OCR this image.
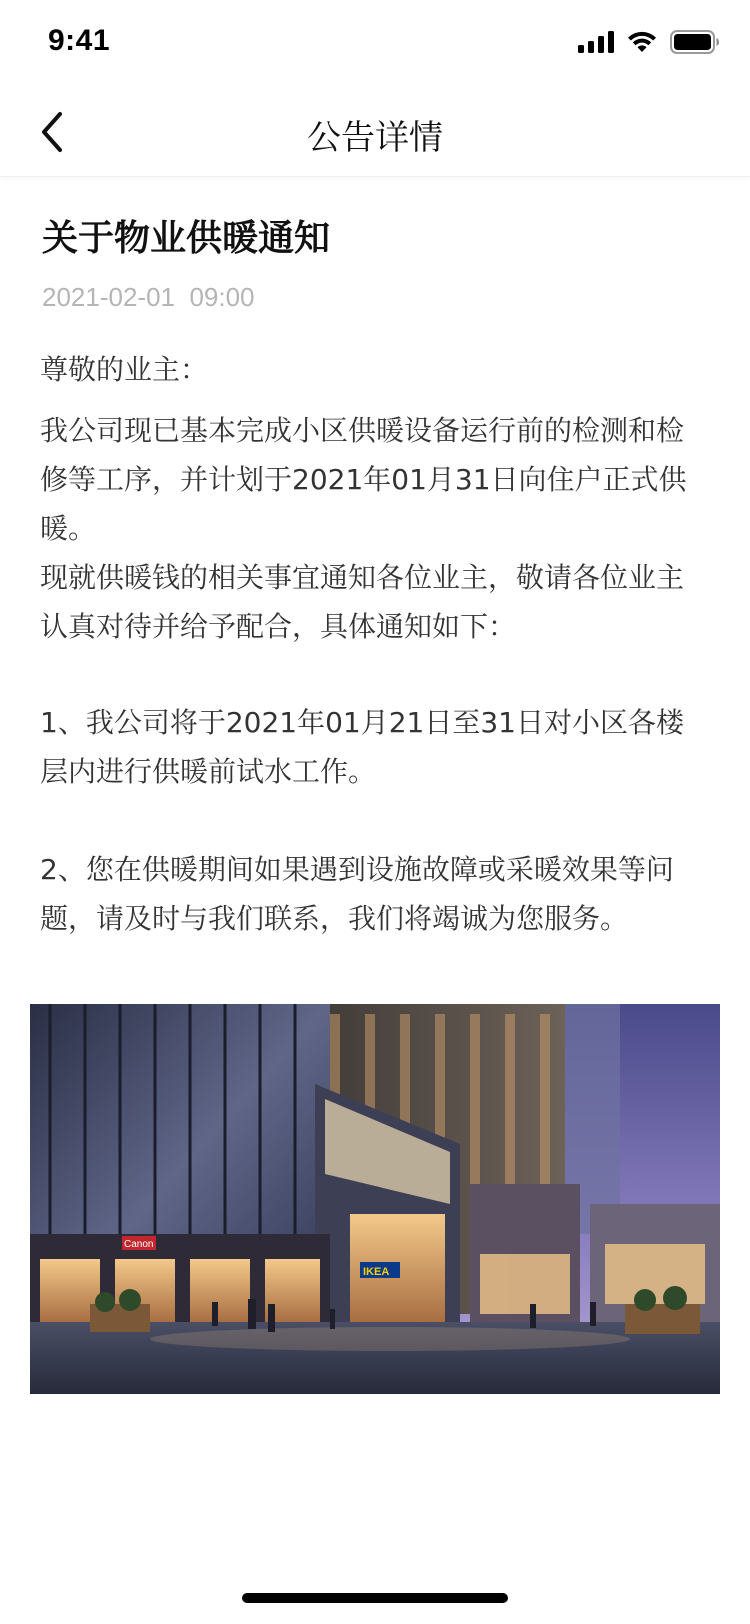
9:41
公告详情
关于物业供暖通知
2021-02-01  09:00
尊敬的业主：
我公司现已基本完成小区供暖设备运行前的检测和检修等工序，并计划于2021年01月31日向住户正式供暖。
现就供暖钱的相关事宜通知各位业主，敬请各位业主认真对待并给予配合，具体通知如下：
1、我公司将于2021年01月21日至31日对小区各楼层内进行供暖前试水工作。
2、您在供暖期间如果遇到设施故障或采暖效果等问题，请及时与我们联系，我们将竭诚为您服务。
Canon
IKEA
